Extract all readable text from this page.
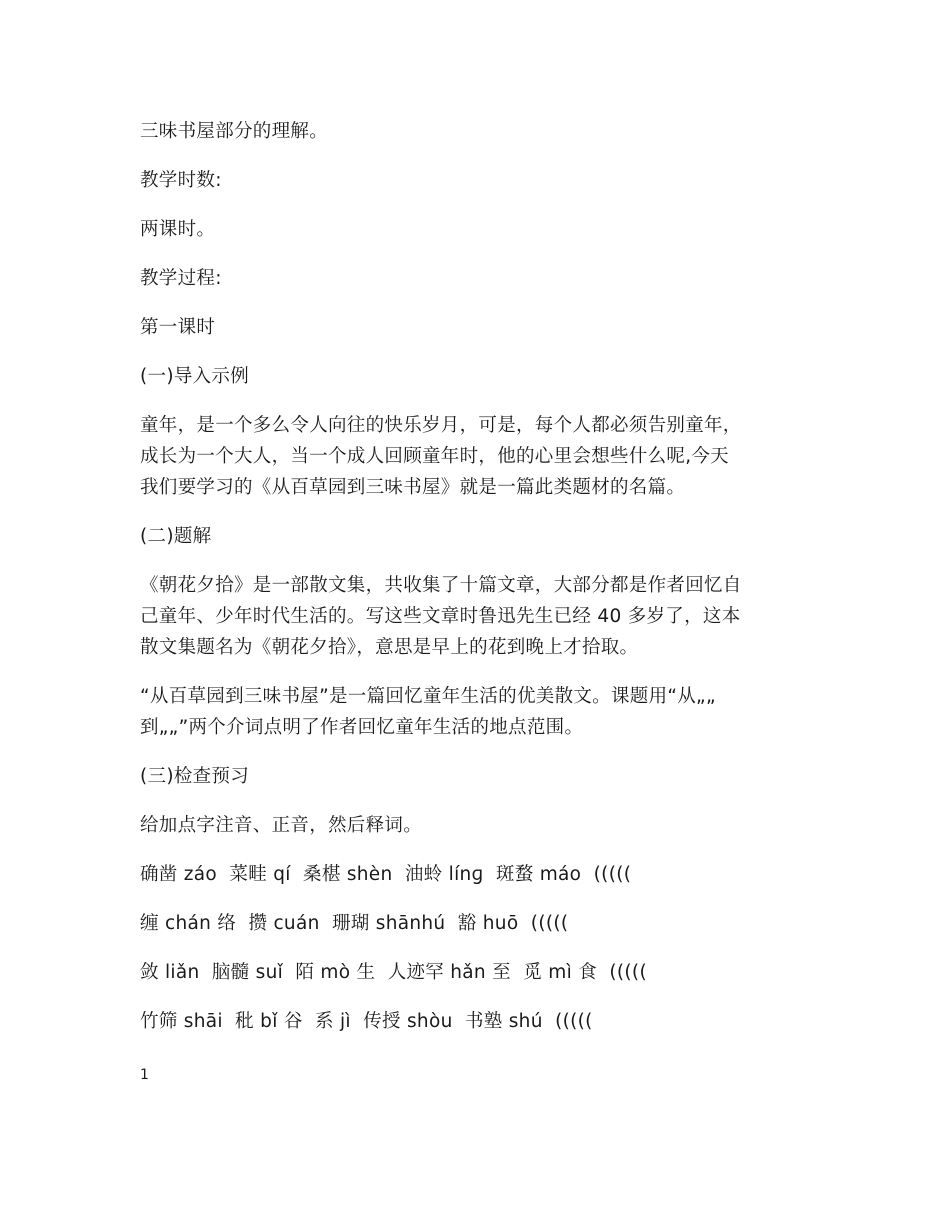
三味书屋部分的理解。

教学时数:

两课时。

教学过程:

第一课时

(一)导入示例

童年，是一个多么令人向往的快乐岁月，可是，每个人都必须告别童年，
成长为一个大人，当一个成人回顾童年时，他的心里会想些什么呢,今天
我们要学习的《从百草园到三味书屋》就是一篇此类题材的名篇。

(二)题解

《朝花夕拾》是一部散文集，共收集了十篇文章，大部分都是作者回忆自
己童年、少年时代生活的。写这些文章时鲁迅先生已经 40 多岁了，这本
散文集题名为《朝花夕拾》，意思是早上的花到晚上才拾取。

“从百草园到三味书屋”是一篇回忆童年生活的优美散文。课题用“从„„
到„„”两个介词点明了作者回忆童年生活的地点范围。

(三)检查预习

给加点字注音、正音，然后释词。

确凿 záo  菜畦 qí  桑椹 shèn  油蛉 línɡ  斑蝥 máo  (((((

缠 chán 络  攒 cuán  珊瑚 shānhú  豁 huō  (((((

敛 liǎn  脑髓 suǐ  陌 mò 生  人迹罕 hǎn 至  觅 mì 食  (((((

竹筛 shāi  秕 bǐ 谷  系 jì  传授 shòu  书塾 shú  (((((

1
